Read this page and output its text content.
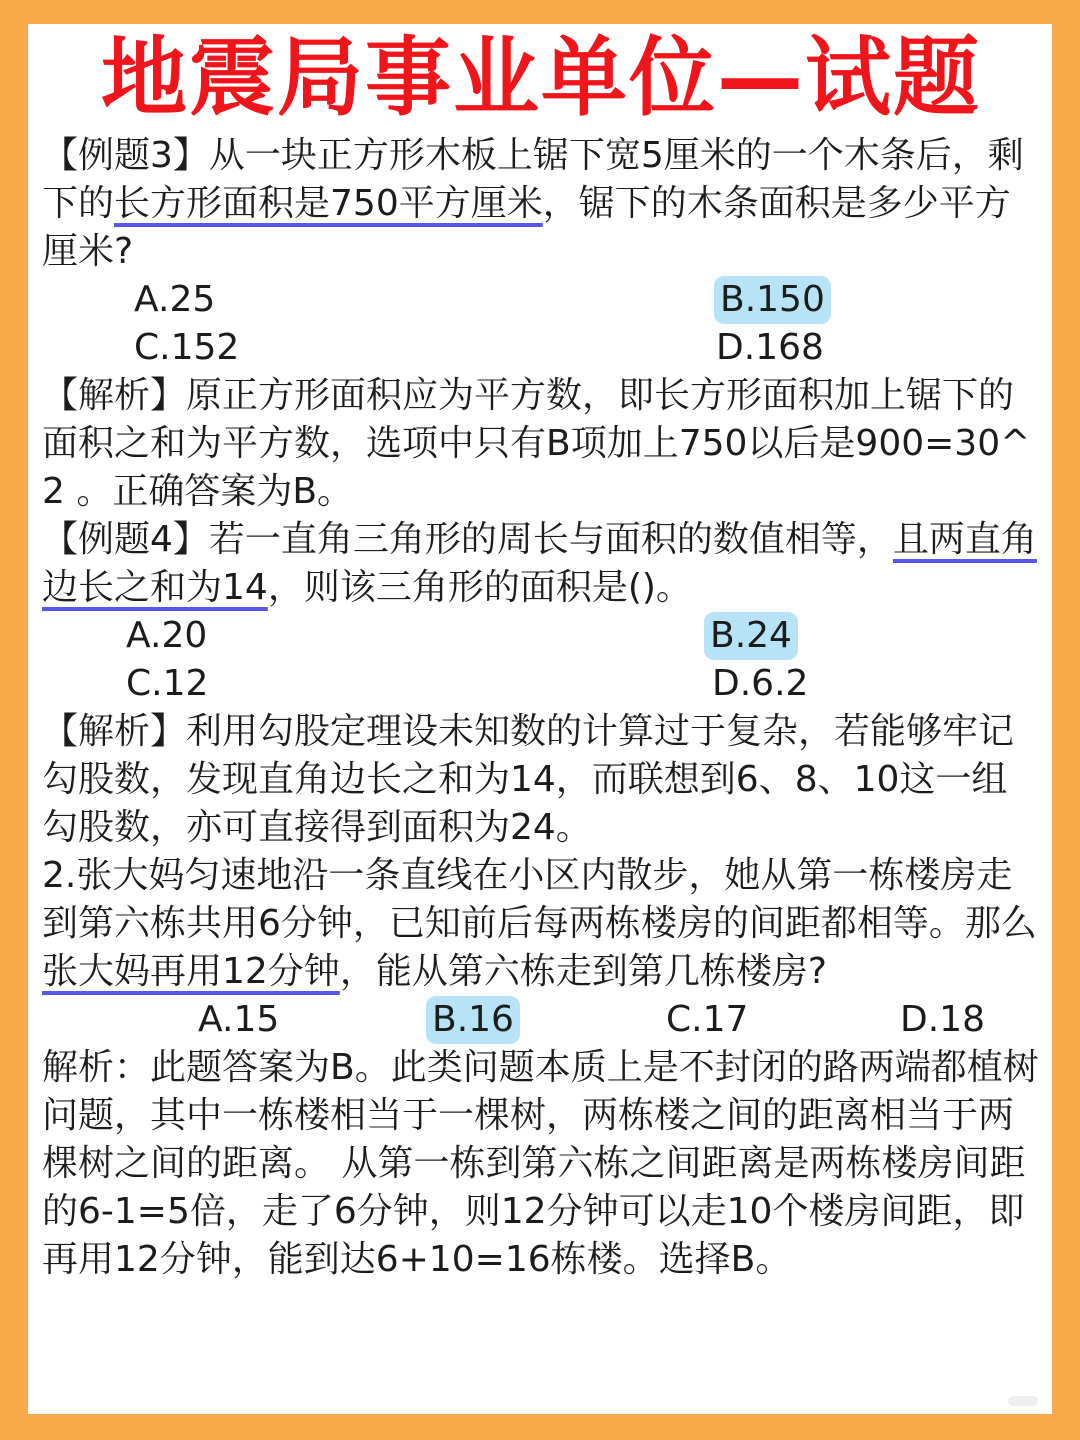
地震局事业单位—试题

【例题3】从一块正方形木板上锯下宽5厘米的一个木条后，剩下的长方形面积是750平方厘米，锯下的木条面积是多少平方厘米?

A.25	B.150
C.152	D.168

【解析】原正方形面积应为平方数，即长方形面积加上锯下的面积之和为平方数，选项中只有B项加上750以后是900=30^2 。正确答案为B。

【例题4】若一直角三角形的周长与面积的数值相等，且两直角边长之和为14，则该三角形的面积是()。

A.20	B.24
C.12	D.6.2

【解析】利用勾股定理设未知数的计算过于复杂，若能够牢记勾股数，发现直角边长之和为14，而联想到6、8、10这一组勾股数，亦可直接得到面积为24。

2.张大妈匀速地沿一条直线在小区内散步，她从第一栋楼房走到第六栋共用6分钟，已知前后每两栋楼房的间距都相等。那么张大妈再用12分钟，能从第六栋走到第几栋楼房?

A.15	B.16	C.17	D.18

解析：此题答案为B。此类问题本质上是不封闭的路两端都植树问题，其中一栋楼相当于一棵树，两栋楼之间的距离相当于两棵树之间的距离。 从第一栋到第六栋之间距离是两栋楼房间距的6-1=5倍，走了6分钟，则12分钟可以走10个楼房间距，即再用12分钟，能到达6+10=16栋楼。选择B。
